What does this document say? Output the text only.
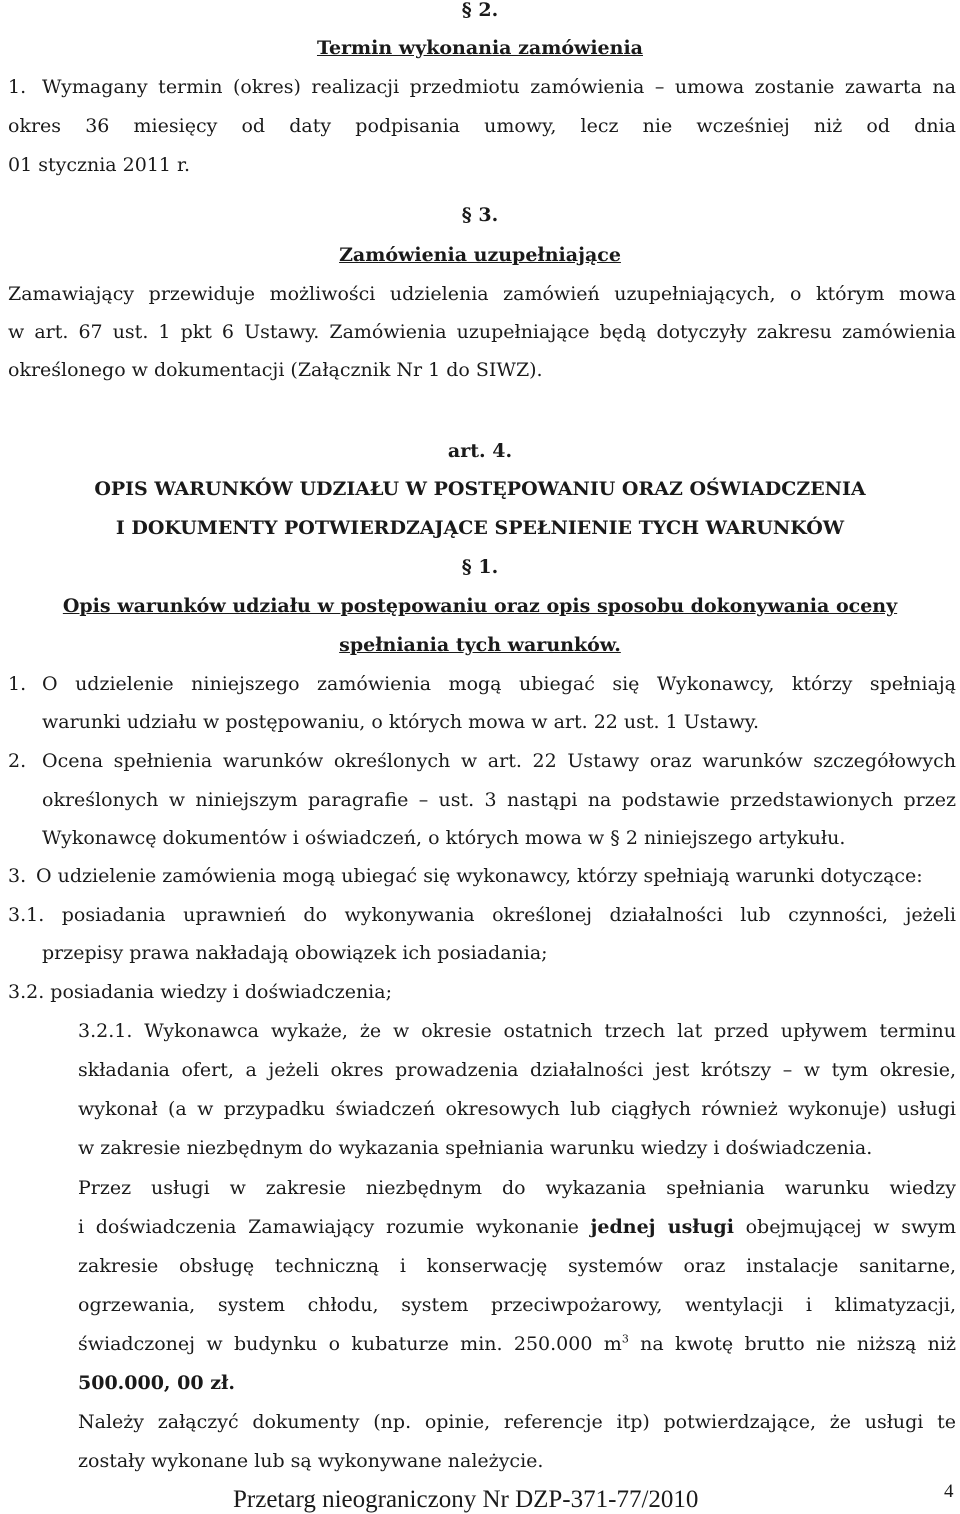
§ 2.
Termin wykonania zamówienia
1. Wymagany termin (okres) realizacji przedmiotu zamówienia – umowa zostanie zawarta na
okres 36 miesięcy od daty podpisania umowy, lecz nie wcześniej niż od dnia
01 stycznia 2011 r.
§ 3.
Zamówienia uzupełniające
Zamawiający przewiduje możliwości udzielenia zamówień uzupełniających, o którym mowa
w art. 67 ust. 1 pkt 6 Ustawy. Zamówienia uzupełniające będą dotyczyły zakresu zamówienia
określonego w dokumentacji (Załącznik Nr 1 do SIWZ).
art. 4.
OPIS WARUNKÓW UDZIAŁU W POSTĘPOWANIU ORAZ OŚWIADCZENIA
I DOKUMENTY POTWIERDZAJĄCE SPEŁNIENIE TYCH WARUNKÓW
§ 1.
Opis warunków udziału w postępowaniu oraz opis sposobu dokonywania oceny
spełniania tych warunków.
1. O udzielenie niniejszego zamówienia mogą ubiegać się Wykonawcy, którzy spełniają
warunki udziału w postępowaniu, o których mowa w art. 22 ust. 1 Ustawy.
2. Ocena spełnienia warunków określonych w art. 22 Ustawy oraz warunków szczegółowych
określonych w niniejszym paragrafie – ust. 3 nastąpi na podstawie przedstawionych przez
Wykonawcę dokumentów i oświadczeń, o których mowa w § 2 niniejszego artykułu.
3. O udzielenie zamówienia mogą ubiegać się wykonawcy, którzy spełniają warunki dotyczące:
3.1. posiadania uprawnień do wykonywania określonej działalności lub czynności, jeżeli
przepisy prawa nakładają obowiązek ich posiadania;
3.2. posiadania wiedzy i doświadczenia;
3.2.1. Wykonawca wykaże, że w okresie ostatnich trzech lat przed upływem terminu
składania ofert, a jeżeli okres prowadzenia działalności jest krótszy – w tym okresie,
wykonał (a w przypadku świadczeń okresowych lub ciągłych również wykonuje) usługi
w zakresie niezbędnym do wykazania spełniania warunku wiedzy i doświadczenia.
Przez usługi w zakresie niezbędnym do wykazania spełniania warunku wiedzy
i doświadczenia Zamawiający rozumie wykonanie jednej usługi obejmującej w swym
zakresie obsługę techniczną i konserwację systemów oraz instalacje sanitarne,
ogrzewania, system chłodu, system przeciwpożarowy, wentylacji i klimatyzacji,
świadczonej w budynku o kubaturze min. 250.000 $m^3$ na kwotę brutto nie niższą niż
500.000, 00 zł.
Należy załączyć dokumenty (np. opinie, referencje itp) potwierdzające, że usługi te
zostały wykonane lub są wykonywane należycie.
Przetarg nieograniczony Nr DZP-371-77/2010	4
